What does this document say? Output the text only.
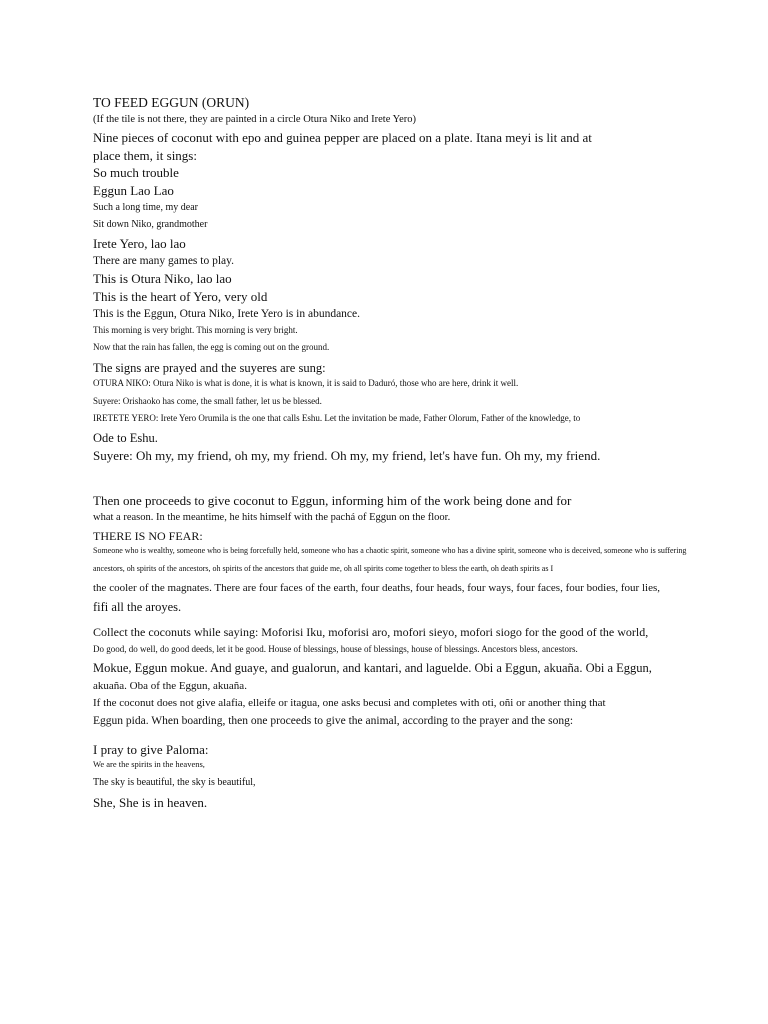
TO FEED EGGUN (ORUN)
(If the tile is not there, they are painted in a circle Otura Niko and Irete Yero)
Nine pieces of coconut with epo and guinea pepper are placed on a plate. Itana meyi is lit and at
place them, it sings:
So much trouble
Eggun Lao Lao
Such a long time, my dear
Sit down Niko, grandmother
Irete Yero, lao lao
There are many games to play.
This is Otura Niko, lao lao
This is the heart of Yero, very old
This is the Eggun, Otura Niko, Irete Yero is in abundance.
This morning is very bright. This morning is very bright.
Now that the rain has fallen, the egg is coming out on the ground.
The signs are prayed and the suyeres are sung:
OTURA NIKO: Otura Niko is what is done, it is what is known, it is said to Daduró, those who are here, drink it well.
Suyere: Orishaoko has come, the small father, let us be blessed.
IRETETE YERO: Irete Yero Orumila is the one that calls Eshu. Let the invitation be made, Father Olorum, Father of the knowledge, to
Ode to Eshu.
Suyere: Oh my, my friend, oh my, my friend. Oh my, my friend, let's have fun. Oh my, my friend.
Then one proceeds to give coconut to Eggun, informing him of the work being done and for
what a reason. In the meantime, he hits himself with the pachá of Eggun on the floor.
THERE IS NO FEAR:
Someone who is wealthy, someone who is being forcefully held, someone who has a chaotic spirit, someone who has a divine spirit, someone who is deceived, someone who is suffering
ancestors, oh spirits of the ancestors, oh spirits of the ancestors that guide me, oh all spirits come together to bless the earth, oh death spirits as I
the cooler of the magnates. There are four faces of the earth, four deaths, four heads, four ways, four faces, four bodies, four lies,
fifi all the aroyes.
Collect the coconuts while saying: Moforisi Iku, moforisi aro, mofori sieyo, mofori siogo for the good of the world,
Do good, do well, do good deeds, let it be good. House of blessings, house of blessings, house of blessings. Ancestors bless, ancestors.
Mokue, Eggun mokue. And guaye, and gualorun, and kantari, and laguelde. Obi a Eggun, akuaña. Obi a Eggun,
akuaña. Oba of the Eggun, akuaña.
If the coconut does not give alafia, elleife or itagua, one asks becusi and completes with oti, oñi or another thing that
Eggun pida. When boarding, then one proceeds to give the animal, according to the prayer and the song:
I pray to give Paloma:
We are the spirits in the heavens,
The sky is beautiful, the sky is beautiful,
She, She is in heaven.
